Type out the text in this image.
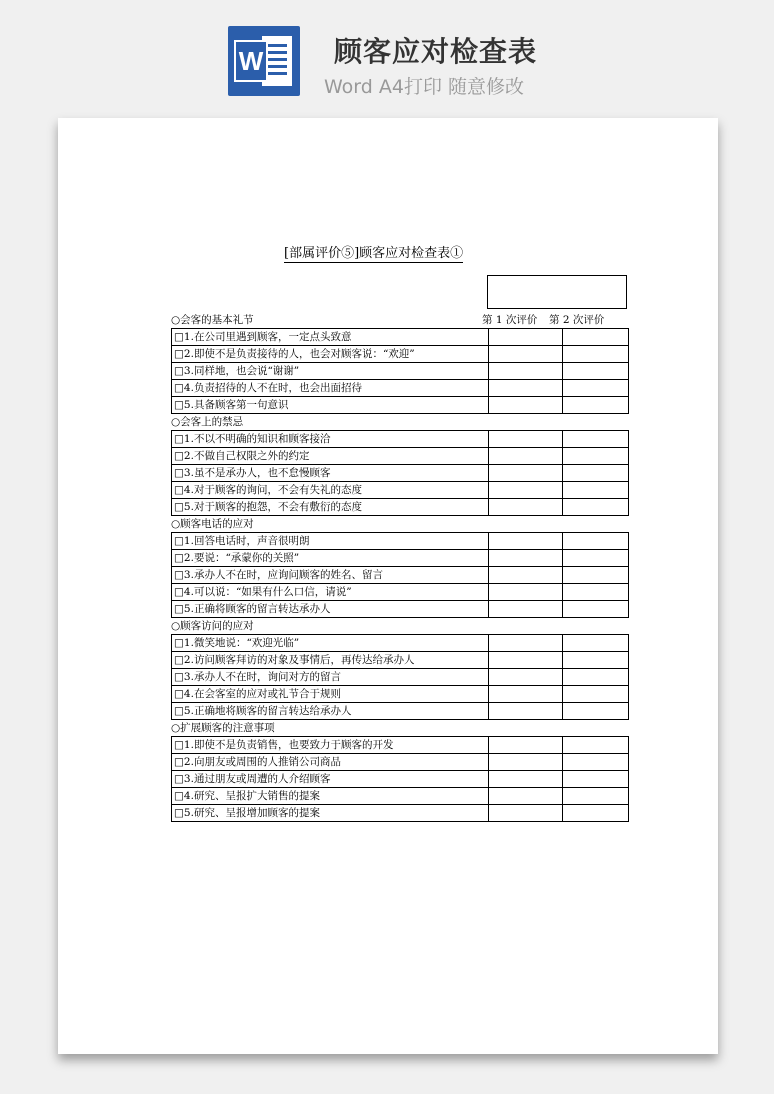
W	顾客应对检查表
Word A4打印 随意修改
[部属评价⑤]顾客应对检查表①
○会客的基本礼节	第 1 次评价 第 2 次评价
□1.在公司里遇到顾客，一定点头致意		
□2.即使不是负责接待的人，也会对顾客说：“欢迎”		
□3.同样地，也会说“谢谢”		
□4.负责招待的人不在时，也会出面招待		
□5.具备顾客第一句意识		
○会客上的禁忌
□1.不以不明确的知识和顾客接洽		
□2.不做自己权限之外的约定		
□3.虽不是承办人，也不怠慢顾客		
□4.对于顾客的询问，不会有失礼的态度		
□5.对于顾客的抱怨，不会有敷衍的态度		
○顾客电话的应对
□1.回答电话时，声音很明朗		
□2.要说：“承蒙你的关照”		
□3.承办人不在时，应询问顾客的姓名、留言		
□4.可以说：“如果有什么口信，请说”		
□5.正确将顾客的留言转达承办人		
○顾客访问的应对
□1.微笑地说：“欢迎光临”		
□2.访问顾客拜访的对象及事情后，再传达给承办人		
□3.承办人不在时，询问对方的留言		
□4.在会客室的应对或礼节合于规则		
□5.正确地将顾客的留言转达给承办人		
○扩展顾客的注意事项
□1.即使不是负责销售，也要致力于顾客的开发		
□2.向朋友或周围的人推销公司商品		
□3.通过朋友或周遭的人介绍顾客		
□4.研究、呈报扩大销售的提案		
□5.研究、呈报增加顾客的提案		
